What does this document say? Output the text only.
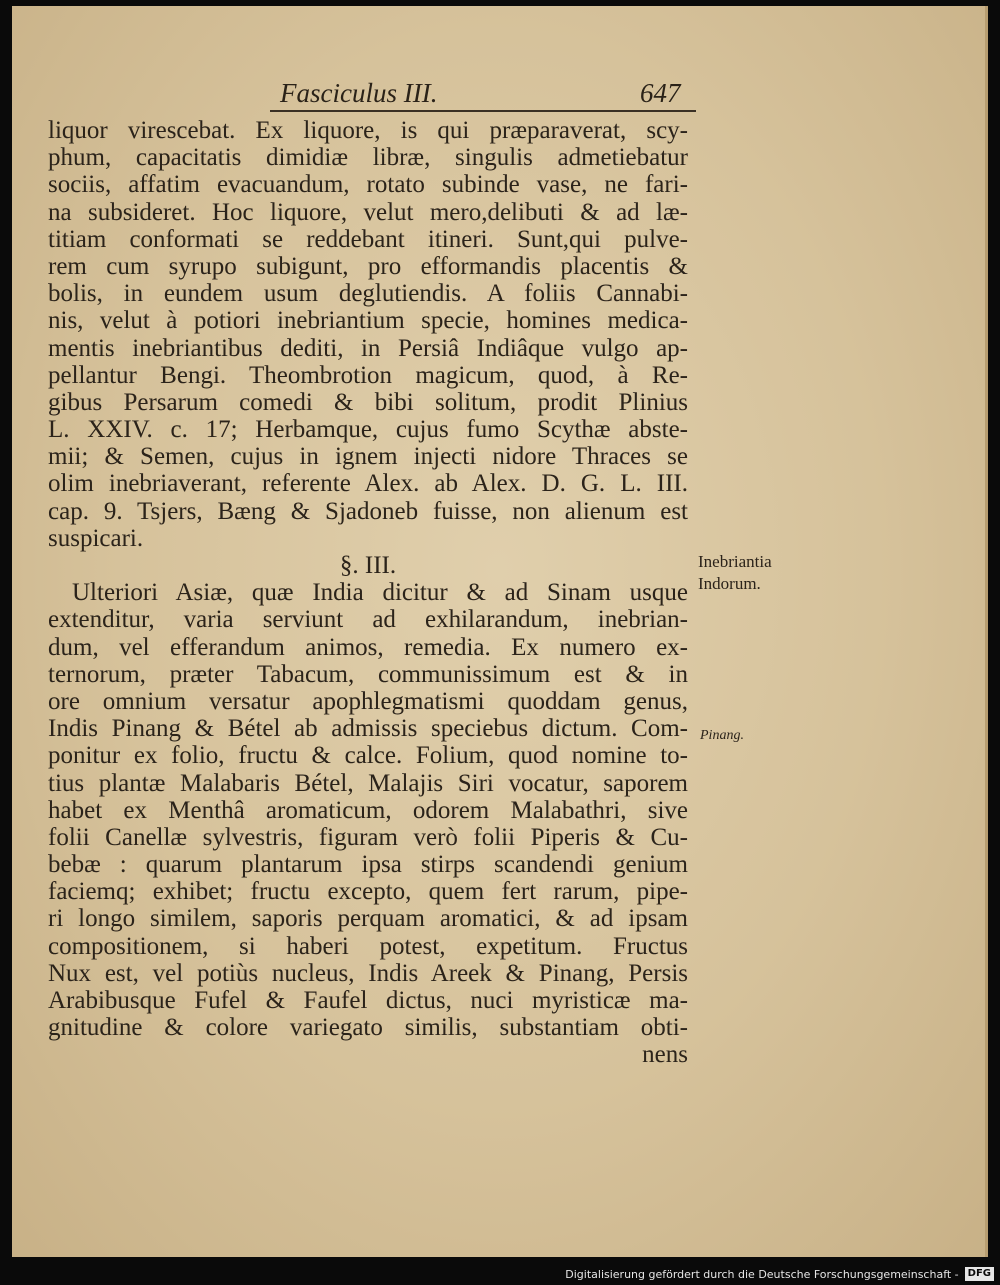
Fasciculus III.	647
liquor virescebat. Ex liquore, is qui præparaverat, scy-
phum, capacitatis dimidiæ libræ, singulis admetiebatur
sociis, affatim evacuandum, rotato subinde vase, ne fari-
na subsideret. Hoc liquore, velut mero,delibuti & ad læ-
titiam conformati se reddebant itineri. Sunt,qui pulve-
rem cum syrupo subigunt, pro efformandis placentis &
bolis, in eundem usum deglutiendis. A foliis Cannabi-
nis, velut à potiori inebriantium specie, homines medica-
mentis inebriantibus dediti, in Persiâ Indiâque vulgo ap-
pellantur Bengi. Theombrotion magicum, quod, à Re-
gibus Persarum comedi & bibi solitum, prodit Plinius
L. XXIV. c. 17; Herbamque, cujus fumo Scythæ abste-
mii; & Semen, cujus in ignem injecti nidore Thraces se
olim inebriaverant, referente Alex. ab Alex. D. G. L. III.
cap. 9. Tsjers, Bæng & Sjadoneb fuisse, non alienum est
suspicari.
§. III.
Ulteriori Asiæ, quæ India dicitur & ad Sinam usque
extenditur, varia serviunt ad exhilarandum, inebrian-
dum, vel efferandum animos, remedia. Ex numero ex-
ternorum, præter Tabacum, communissimum est & in
ore omnium versatur apophlegmatismi quoddam genus,
Indis Pinang & Bétel ab admissis speciebus dictum. Com-
ponitur ex folio, fructu & calce. Folium, quod nomine to-
tius plantæ Malabaris Bétel, Malajis Siri vocatur, saporem
habet ex Menthâ aromaticum, odorem Malabathri, sive
folii Canellæ sylvestris, figuram verò folii Piperis & Cu-
bebæ : quarum plantarum ipsa stirps scandendi genium
faciemq; exhibet; fructu excepto, quem fert rarum, pipe-
ri longo similem, saporis perquam aromatici, & ad ipsam
compositionem, si haberi potest, expetitum. Fructus
Nux est, vel potiùs nucleus, Indis Areek & Pinang, Persis
Arabibusque Fufel & Faufel dictus, nuci myristicæ ma-
gnitudine & colore variegato similis, substantiam obti-
nens
Inebriantia
Indorum.
Pinang.
Digitalisierung gefördert durch die Deutsche Forschungsgemeinschaft - DFG
